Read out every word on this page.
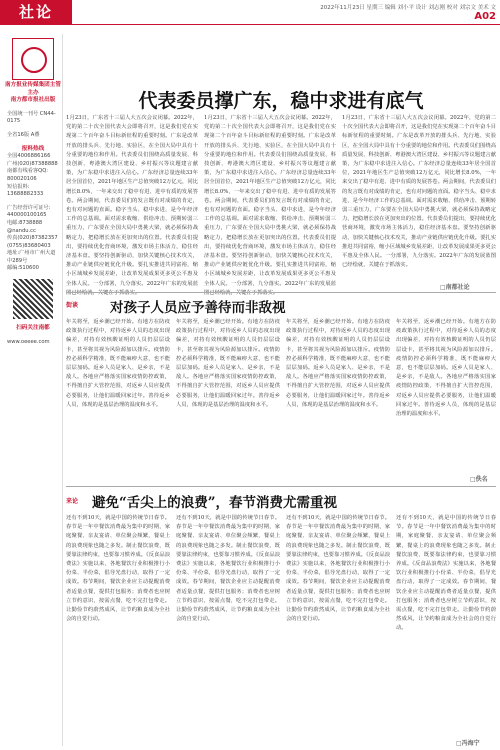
社论	2022年11月23日 星期三 编辑 刘小平 设计 刘志刚 校对 刘宗文 美术 文
A02
南方报业传媒集团主管主办
南方都市报社出版
全国统一刊号 CN44-0175
全省16版 A叠
报料热线
全国4006886166
广州(020)87388888
南都有线看客QQ:
800020106
短信报料:
13688882333
广告经营许可证号:
440000100165
电邮:8738888
@nandu.cc
传真(020)87382357
(0755)83680403
地址:广州市广州大道中289号
邮编:510600
扫码关注南都
www.oeeee.com
代表委员撑广东，稳中求进有底气
1月23日，广东省十三届人大五次会议闭幕。2022年，党的第二十次全国代表大会即将召开，这是我们党在实现第二个百年奋斗目标新征程的重要时刻。广东是改革开放的排头兵、先行地、实验区，在全国大局中具有十分重要的地位和作用。代表委员们围绕高质量发展、科技创新、粤港澳大湾区建设、乡村振兴等议题建言献策，为广东稳中求进注入信心。广东经济总量连续33年居全国首位，2021年地区生产总值突破12万亿元，同比增长8.0%，一年来交出了稳中有进、进中有质的发展答卷。两会期间，代表委员们的发言既有对成绩的肯定，也有对问题的直面。稳字当头、稳中求进，是今年经济工作的总基调。面对需求收缩、供给冲击、预期转弱三重压力，广东要在全国大局中勇挑大梁，就必须保持战略定力，把稳增长放在更加突出的位置。代表委员们提出，要持续优化营商环境，激发市场主体活力，稳住经济基本盘。要坚持创新驱动，加快关键核心技术攻关，推动产业链供应链优化升级。要扎实推进共同富裕，缩小区域城乡发展差距，让改革发展成果更多更公平惠及全体人民。一分部署，九分落实。2022年广东的发展蓝
1月23日，广东省十三届人大五次会议闭幕。2022年，党的第二十次全国代表大会即将召开，这是我们党在实现第二个百年奋斗目标新征程的重要时刻。广东是改革开放的排头兵、先行地、实验区，在全国大局中具有十分重要的地位和作用。代表委员们围绕高质量发展、科技创新、粤港澳大湾区建设、乡村振兴等议题建言献策，为广东稳中求进注入信心。广东经济总量连续33年居全国首位，2021年地区生产总值突破12万亿元，同比增长8.0%，一年来交出了稳中有进、进中有质的发展答卷。两会期间，代表委员们的发言既有对成绩的肯定，也有对问题的直面。稳字当头、稳中求进，是今年经济工作的总基调。面对需求收缩、供给冲击、预期转弱三重压力，广东要在全国大局中勇挑大梁，就必须保持战略定力，把稳增长放在更加突出的位置。代表委员们提出，要持续优化营商环境，激发市场主体活力，稳住经济基本盘。要坚持创新驱动，加快关键核心技术攻关，推动产业链供应链优化升级。要扎实推进共同富裕，缩小区域城乡发展差距，让改革发展成果更多更公平惠及全体人民。一分部署，九分落实。2022年广东的发展蓝
1月23日，广东省十三届人大五次会议闭幕。2022年，党的第二十次全国代表大会即将召开，这是我们党在实现第二个百年奋斗目标新征程的重要时刻。广东是改革开放的排头兵、先行地、实验区，在全国大局中具有十分重要的地位和作用。代表委员们围绕高质量发展、科技创新、粤港澳大湾区建设、乡村振兴等议题建言献策，为广东稳中求进注入信心。广东经济总量连续33年居全国首位，2021年地区生产总值突破12万亿元，同比增长8.0%，一年来交出了稳中有进、进中有质的发展答卷。两会期间，代表委员们的发言既有对成绩的肯定，也有对问题的直面。稳字当头、稳中求进，是今年经济工作的总基调。面对需求收缩、供给冲击、预期转弱三重压力，广东要在全国大局中勇挑大梁，就必须保持战略定力，把稳增长放在更加突出的位置。代表委员们提出，要持续优化营商环境，激发市场主体活力，稳住经济基本盘。要坚持创新驱动，加快关键核心技术攻关，推动产业链供应链优化升级。要扎实推进共同富裕，缩小区域城乡发展差距，让改革发展成果更多更公平惠及全体人民。一分部署，九分落实。2022年广东的发展蓝图已经绘就，关键在于抓落实。
□南都社论
街谈 对孩子人员应予善待而非敌视
年关将至，返乡潮已经开始。有地方在防疫政策执行过程中，对待返乡人员的态度出现偏差，对持有效核酸证明的人员仍层层设卡，甚至将其视为风险源加以排斥。疫情防控必须科学精准，既不能麻痹大意，也不能层层加码。返乡人员是家人、是乡亲，不是敌人。各地应严格落实国家疫情防控政策，不得擅自扩大管控范围，对返乡人员应提供必要服务，让他们温暖回家过年。善待返乡人员，体现的是基层治理的温度和水平。
年关将至，返乡潮已经开始。有地方在防疫政策执行过程中，对待返乡人员的态度出现偏差，对持有效核酸证明的人员仍层层设卡，甚至将其视为风险源加以排斥。疫情防控必须科学精准，既不能麻痹大意，也不能层层加码。返乡人员是家人、是乡亲，不是敌人。各地应严格落实国家疫情防控政策，不得擅自扩大管控范围，对返乡人员应提供必要服务，让他们温暖回家过年。善待返乡人员，体现的是基层治理的温度和水平。
年关将至，返乡潮已经开始。有地方在防疫政策执行过程中，对待返乡人员的态度出现偏差，对持有效核酸证明的人员仍层层设卡，甚至将其视为风险源加以排斥。疫情防控必须科学精准，既不能麻痹大意，也不能层层加码。返乡人员是家人、是乡亲，不是敌人。各地应严格落实国家疫情防控政策，不得擅自扩大管控范围，对返乡人员应提供必要服务，让他们温暖回家过年。善待返乡人员，体现的是基层治理的温度和水平。
年关将至，返乡潮已经开始。有地方在防疫政策执行过程中，对待返乡人员的态度出现偏差，对持有效核酸证明的人员仍层层设卡，甚至将其视为风险源加以排斥。疫情防控必须科学精准，既不能麻痹大意，也不能层层加码。返乡人员是家人、是乡亲，不是敌人。各地应严格落实国家疫情防控政策，不得擅自扩大管控范围，对返乡人员应提供必要服务，让他们温暖回家过年。善待返乡人员，体现的是基层治理的温度和水平。
□佚名
来论 避免“舌尖上的浪费”，春节消费尤需重视
还有不到10天，就是中国的传统节日春节。春节是一年中餐饮消费最为集中的时期，家庭聚餐、亲友宴请、单位聚会频繁，餐桌上的浪费现象也随之多发。制止餐饮浪费，既要靠法律约束，也要靠习惯养成。《反食品浪费法》实施以来，各地餐饮行业积极推行小份菜、半份菜，倡导光盘行动，取得了一定成效。春节期间，餐饮企业应主动提醒消费者适量点餐，提供打包服务；消费者也应树立节约意识，按需点餐，吃不完打包带走。让勤俭节约蔚然成风，让节约粮食成为全社会的自觉行动。
还有不到10天，就是中国的传统节日春节。春节是一年中餐饮消费最为集中的时期，家庭聚餐、亲友宴请、单位聚会频繁，餐桌上的浪费现象也随之多发。制止餐饮浪费，既要靠法律约束，也要靠习惯养成。《反食品浪费法》实施以来，各地餐饮行业积极推行小份菜、半份菜，倡导光盘行动，取得了一定成效。春节期间，餐饮企业应主动提醒消费者适量点餐，提供打包服务；消费者也应树立节约意识，按需点餐，吃不完打包带走。让勤俭节约蔚然成风，让节约粮食成为全社会的自觉行动。
还有不到10天，就是中国的传统节日春节。春节是一年中餐饮消费最为集中的时期，家庭聚餐、亲友宴请、单位聚会频繁，餐桌上的浪费现象也随之多发。制止餐饮浪费，既要靠法律约束，也要靠习惯养成。《反食品浪费法》实施以来，各地餐饮行业积极推行小份菜、半份菜，倡导光盘行动，取得了一定成效。春节期间，餐饮企业应主动提醒消费者适量点餐，提供打包服务；消费者也应树立节约意识，按需点餐，吃不完打包带走。让勤俭节约蔚然成风，让节约粮食成为全社会的自觉行动。
还有不到10天，就是中国的传统节日春节。春节是一年中餐饮消费最为集中的时期，家庭聚餐、亲友宴请、单位聚会频繁，餐桌上的浪费现象也随之多发。制止餐饮浪费，既要靠法律约束，也要靠习惯养成。《反食品浪费法》实施以来，各地餐饮行业积极推行小份菜、半份菜，倡导光盘行动，取得了一定成效。春节期间，餐饮企业应主动提醒消费者适量点餐，提供打包服务；消费者也应树立节约意识，按需点餐，吃不完打包带走。让勤俭节约蔚然成风，让节约粮食成为全社会的自觉行动。
□冯海宁
